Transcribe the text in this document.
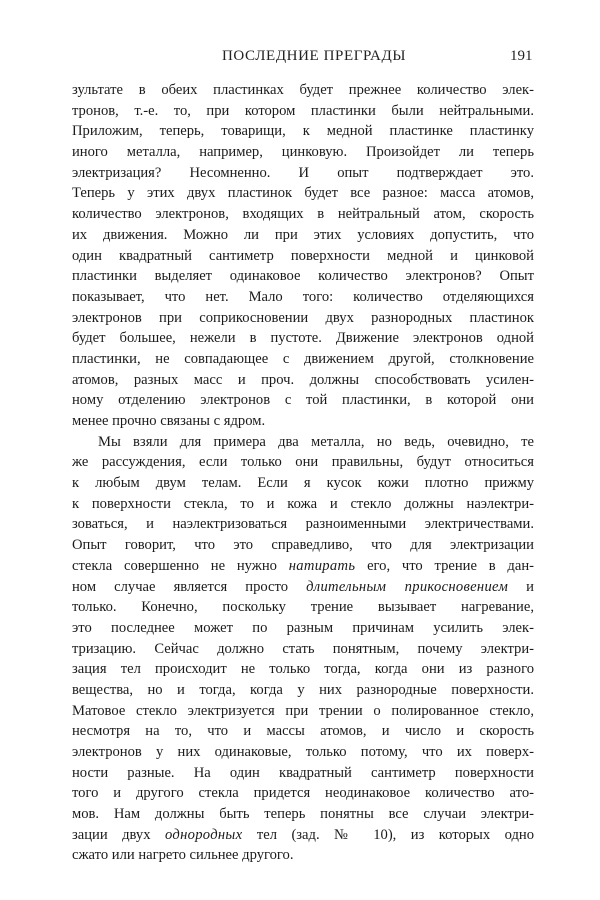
ПОСЛЕДНИЕ ПРЕГРАДЫ	191
зультате в обеих пластинках будет прежнее количество элек-
тронов, т.-е. то, при котором пластинки были нейтральными.
Приложим, теперь, товарищи, к медной пластинке пластинку
иного металла, например, цинковую. Произойдет ли теперь
электризация? Несомненно. И опыт подтверждает это.
Теперь у этих двух пластинок будет все разное: масса атомов,
количество электронов, входящих в нейтральный атом, скорость
их движения. Можно ли при этих условиях допустить, что
один квадратный сантиметр поверхности медной и цинковой
пластинки выделяет одинаковое количество электронов? Опыт
показывает, что нет. Мало того: количество отделяющихся
электронов при соприкосновении двух разнородных пластинок
будет большее, нежели в пустоте. Движение электронов одной
пластинки, не совпадающее с движением другой, столкновение
атомов, разных масс и проч. должны способствовать усилен-
ному отделению электронов с той пластинки, в которой они
менее прочно связаны с ядром.
Мы взяли для примера два металла, но ведь, очевидно, те
же рассуждения, если только они правильны, будут относиться
к любым двум телам. Если я кусок кожи плотно прижму
к поверхности стекла, то и кожа и стекло должны наэлектри-
зоваться, и наэлектризоваться разноименными электричествами.
Опыт говорит, что это справедливо, что для электризации
стекла совершенно не нужно натирать его, что трение в дан-
ном случае является просто длительным прикосновением и
только. Конечно, поскольку трение вызывает нагревание,
это последнее может по разным причинам усилить элек-
тризацию. Сейчас должно стать понятным, почему электри-
зация тел происходит не только тогда, когда они из разного
вещества, но и тогда, когда у них разнородные поверхности.
Матовое стекло электризуется при трении о полированное стекло,
несмотря на то, что и массы атомов, и число и скорость
электронов у них одинаковые, только потому, что их поверх-
ности разные. На один квадратный сантиметр поверхности
того и другого стекла придется неодинаковое количество ато-
мов. Нам должны быть теперь понятны все случаи электри-
зации двух однородных тел (зад. № 10), из которых одно
сжато или нагрето сильнее другого.
